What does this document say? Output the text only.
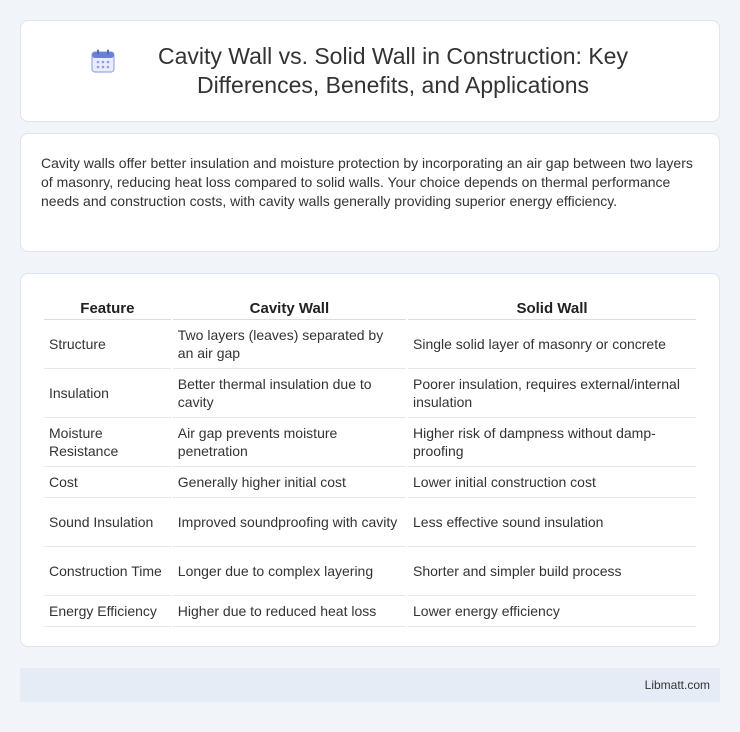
Cavity Wall vs. Solid Wall in Construction: Key Differences, Benefits, and Applications

Cavity walls offer better insulation and moisture protection by incorporating an air gap between two layers of masonry, reducing heat loss compared to solid walls. Your choice depends on thermal performance needs and construction costs, with cavity walls generally providing superior energy efficiency.

Feature	Cavity Wall	Solid Wall
Structure	Two layers (leaves) separated by an air gap	Single solid layer of masonry or concrete
Insulation	Better thermal insulation due to cavity	Poorer insulation, requires external/internal insulation
Moisture Resistance	Air gap prevents moisture penetration	Higher risk of dampness without damp-proofing
Cost	Generally higher initial cost	Lower initial construction cost
Sound Insulation	Improved soundproofing with cavity	Less effective sound insulation
Construction Time	Longer due to complex layering	Shorter and simpler build process
Energy Efficiency	Higher due to reduced heat loss	Lower energy efficiency
Libmatt.com
